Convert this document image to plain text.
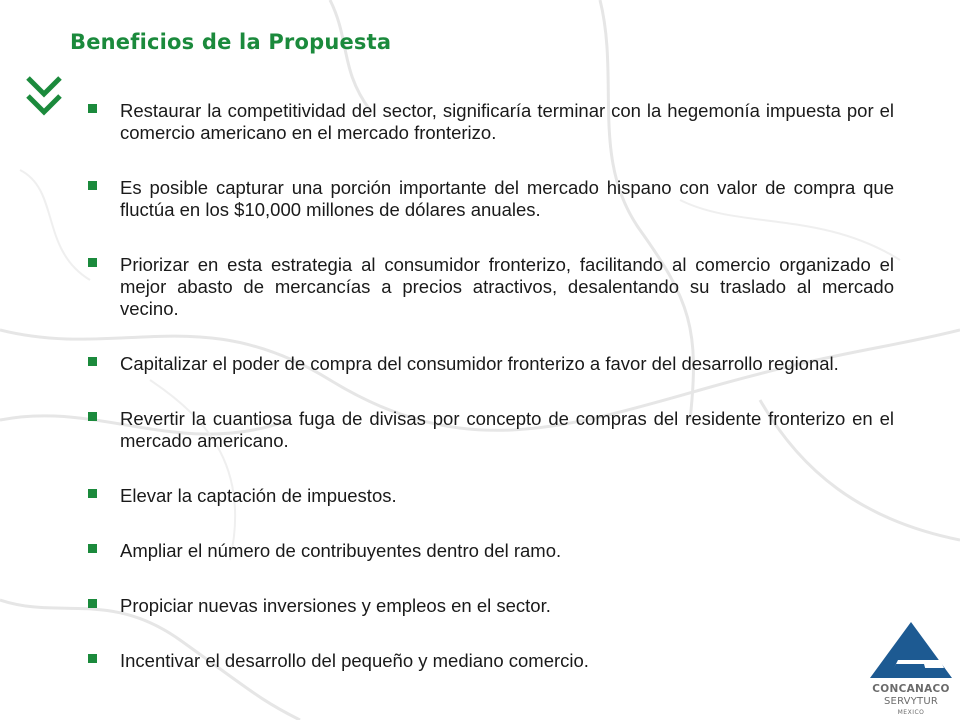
Beneficios de la Propuesta
Restaurar la competitividad del sector, significaría terminar con la hegemonía impuesta por el comercio americano en el mercado fronterizo.
Es posible capturar una porción importante del mercado hispano con valor de compra que fluctúa en los $10,000 millones de dólares anuales.
Priorizar en esta estrategia al consumidor fronterizo, facilitando al comercio organizado el mejor abasto de mercancías a precios atractivos, desalentando su traslado al mercado vecino.
Capitalizar el poder de compra del consumidor fronterizo a favor del desarrollo regional.
Revertir la cuantiosa fuga de divisas por concepto de compras del residente fronterizo en el mercado americano.
Elevar la captación de impuestos.
Ampliar el número de contribuyentes dentro del ramo.
Propiciar nuevas inversiones y empleos en el sector.
Incentivar el desarrollo del pequeño y mediano comercio.
CONCANACO
SERVYTUR
MEXICO
